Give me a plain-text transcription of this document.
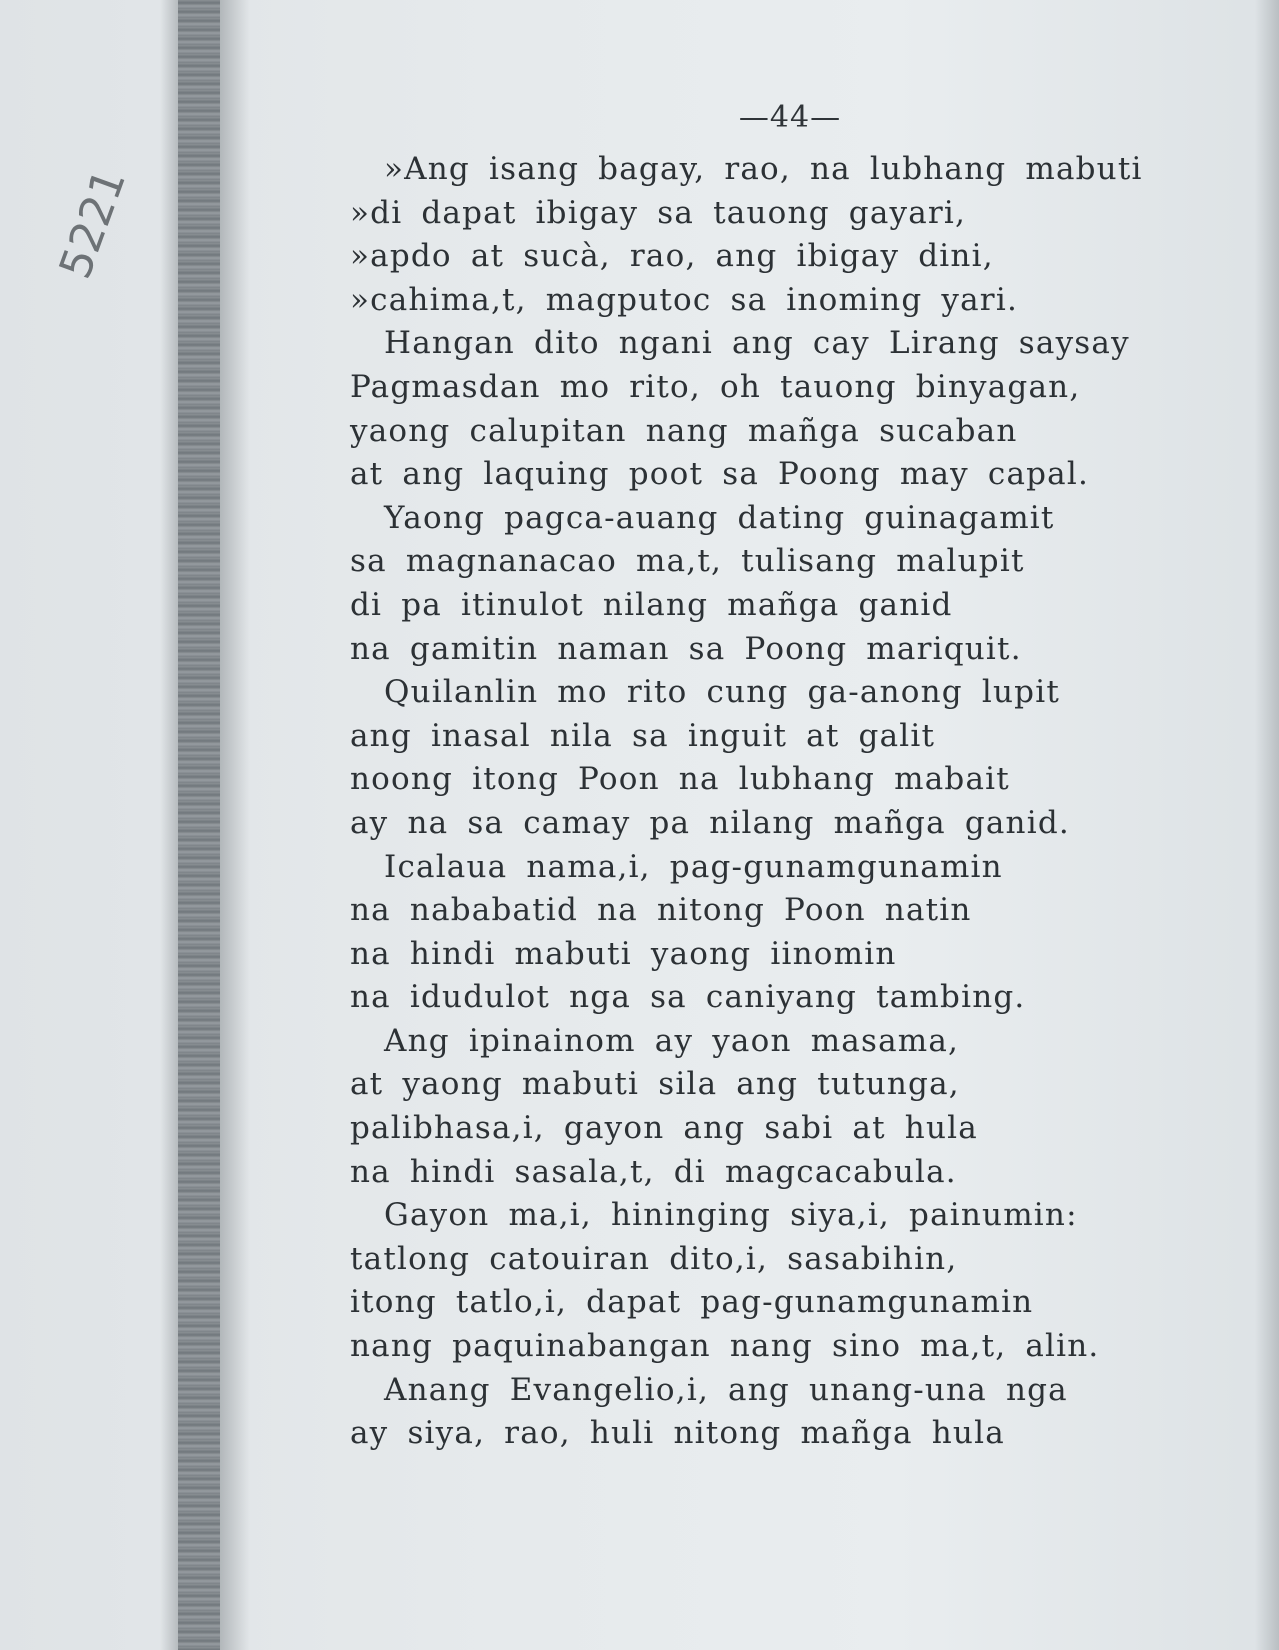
5221
—44—
»Ang isang bagay, rao, na lubhang mabuti
»di dapat ibigay sa tauong gayari,
»apdo at sucà, rao, ang ibigay dini,
»cahima,t, magputoc sa inoming yari.
Hangan dito ngani ang cay Lirang saysay
Pagmasdan mo rito, oh tauong binyagan,
yaong calupitan nang mañga sucaban
at ang laquing poot sa Poong may capal.
Yaong pagca-auang dating guinagamit
sa magnanacao ma,t, tulisang malupit
di pa itinulot nilang mañga ganid
na gamitin naman sa Poong mariquit.
Quilanlin mo rito cung ga-anong lupit
ang inasal nila sa inguit at galit
noong itong Poon na lubhang mabait
ay na sa camay pa nilang mañga ganid.
Icalaua nama,i, pag-gunamgunamin
na nababatid na nitong Poon natin
na hindi mabuti yaong iinomin
na idudulot nga sa caniyang tambing.
Ang ipinainom ay yaon masama,
at yaong mabuti sila ang tutunga,
palibhasa,i, gayon ang sabi at hula
na hindi sasala,t, di magcacabula.
Gayon ma,i, hininging siya,i, painumin:
tatlong catouiran dito,i, sasabihin,
itong tatlo,i, dapat pag-gunamgunamin
nang paquinabangan nang sino ma,t, alin.
Anang Evangelio,i, ang unang-una nga
ay siya, rao, huli nitong mañga hula
